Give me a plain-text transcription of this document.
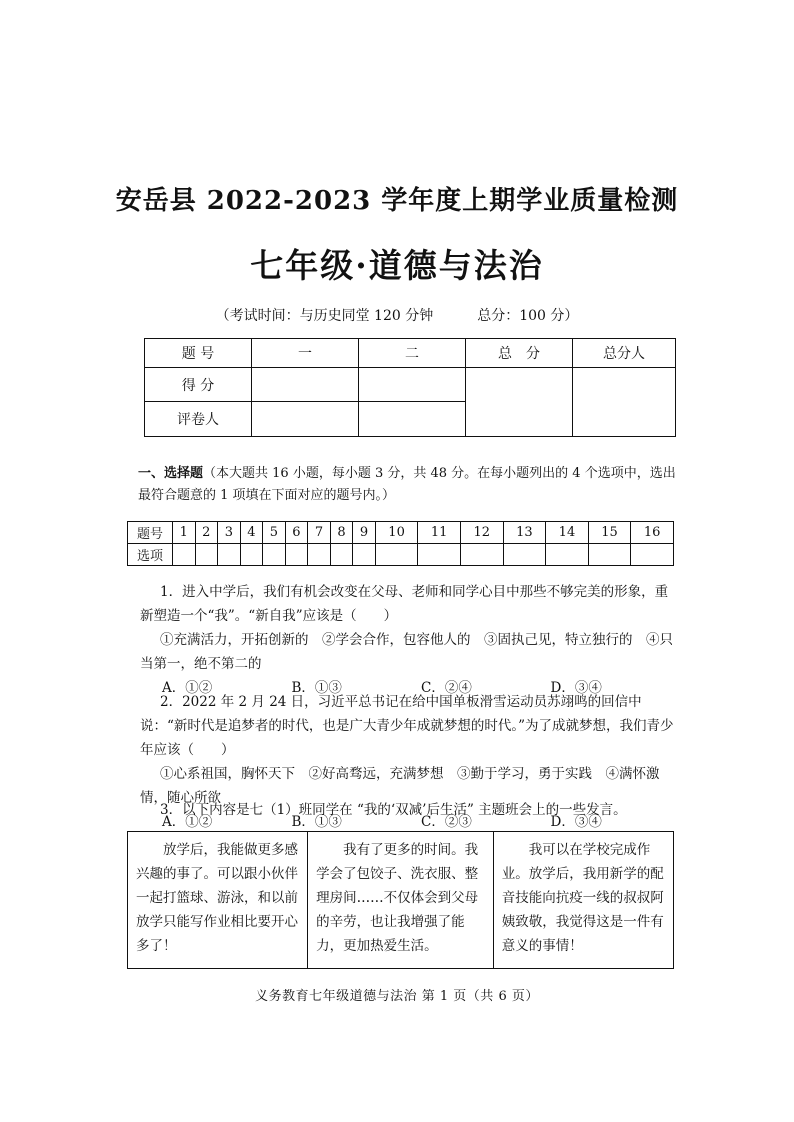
安岳县 2022-2023 学年度上期学业质量检测
七年级·道德与法治
（考试时间：与历史同堂 120 分钟	总分：100 分）
题 号	一	二	总　分	总分人
得 分				
评卷人				
一、选择题（本大题共 16 小题，每小题 3 分，共 48 分。在每小题列出的 4 个选项中，选出最符合题意的 1 项填在下面对应的题号内。）
题号	1	2	3	4	5	6	7	8	9	10	11	12	13	14	15	16
选项																

1．进入中学后，我们有机会改变在父母、老师和同学心目中那些不够完美的形象，重新塑造一个“我”。“新自我”应该是（　　）

①充满活力，开拓创新的　②学会合作，包容他人的　③固执己见，特立独行的　④只当第一，绝不第二的

A．①②	B．①③	C．②④	D．③④

2．2022 年 2 月 24 日，习近平总书记在给中国单板滑雪运动员苏翊鸣的回信中说：“新时代是追梦者的时代，也是广大青少年成就梦想的时代。”为了成就梦想，我们青少年应该（　　）

①心系祖国，胸怀天下　②好高骛远，充满梦想　③勤于学习，勇于实践　④满怀激情，随心所欲

A．①②	B．①③	C．②③	D．③④

3．以下内容是七（1）班同学在 “我的‘双减’后生活” 主题班会上的一些发言。

放学后，我能做更多感兴趣的事了。可以跟小伙伴一起打篮球、游泳，和以前放学只能写作业相比要开心多了！

我有了更多的时间。我学会了包饺子、洗衣服、整理房间……不仅体会到父母的辛劳，也让我增强了能力，更加热爱生活。

我可以在学校完成作业。放学后，我用新学的配音技能向抗疫一线的叔叔阿姨致敬，我觉得这是一件有意义的事情！
义务教育七年级道德与法治 第 1 页（共 6 页）
